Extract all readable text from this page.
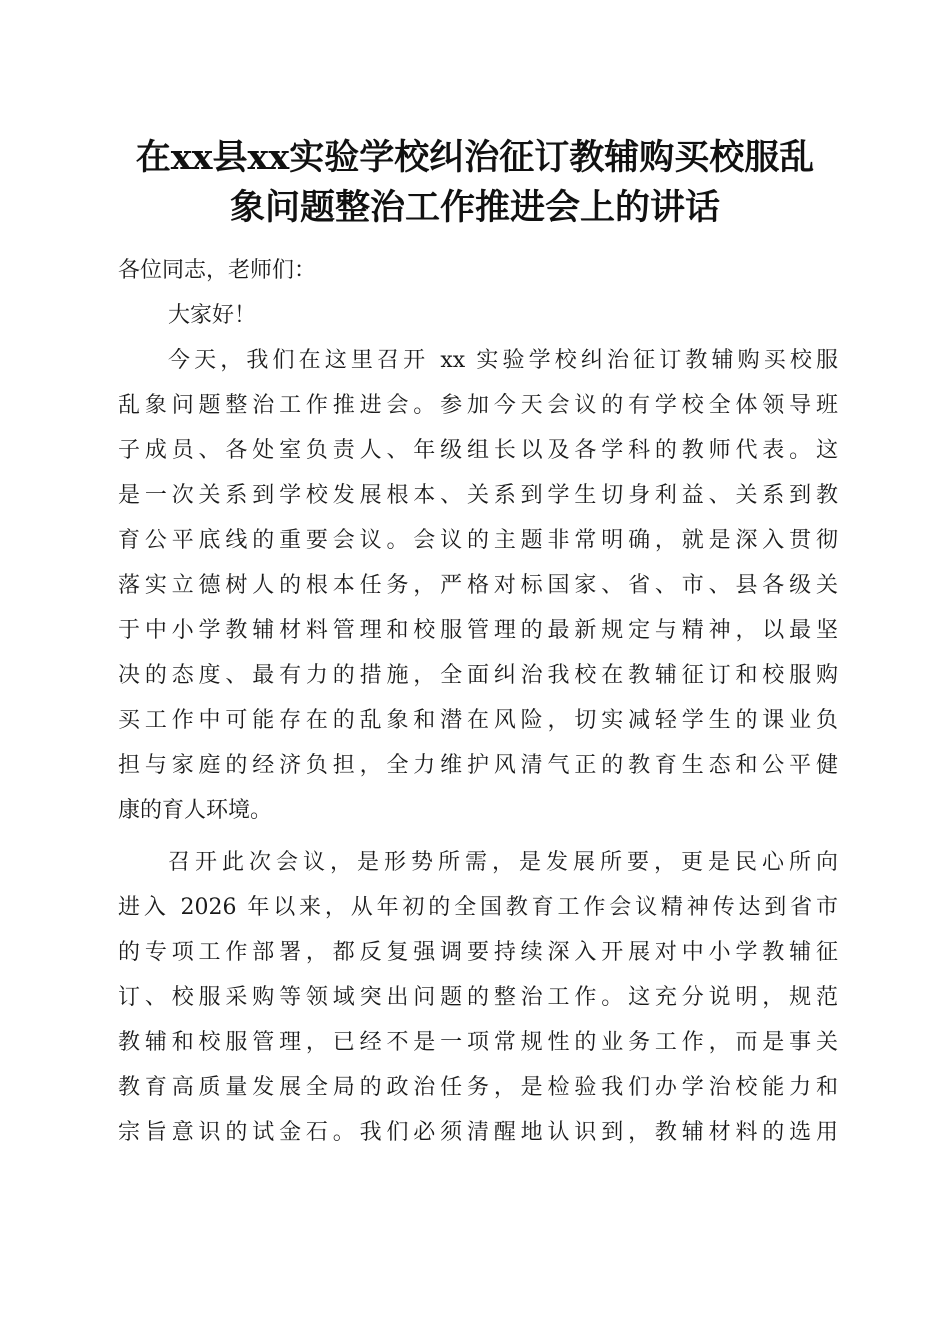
在xx县xx实验学校纠治征订教辅购买校服乱
象问题整治工作推进会上的讲话
各位同志，老师们：
大家好！
今天，我们在这里召开 xx 实验学校纠治征订教辅购买校服
乱象问题整治工作推进会。参加今天会议的有学校全体领导班
子成员、各处室负责人、年级组长以及各学科的教师代表。这
是一次关系到学校发展根本、关系到学生切身利益、关系到教
育公平底线的重要会议。会议的主题非常明确，就是深入贯彻
落实立德树人的根本任务，严格对标国家、省、市、县各级关
于中小学教辅材料管理和校服管理的最新规定与精神，以最坚
决的态度、最有力的措施，全面纠治我校在教辅征订和校服购
买工作中可能存在的乱象和潜在风险，切实减轻学生的课业负
担与家庭的经济负担，全力维护风清气正的教育生态和公平健
康的育人环境。
召开此次会议，是形势所需，是发展所要，更是民心所向
进入 2026 年以来，从年初的全国教育工作会议精神传达到省市
的专项工作部署，都反复强调要持续深入开展对中小学教辅征
订、校服采购等领域突出问题的整治工作。这充分说明，规范
教辅和校服管理，已经不是一项常规性的业务工作，而是事关
教育高质量发展全局的政治任务，是检验我们办学治校能力和
宗旨意识的试金石。我们必须清醒地认识到，教辅材料的选用
